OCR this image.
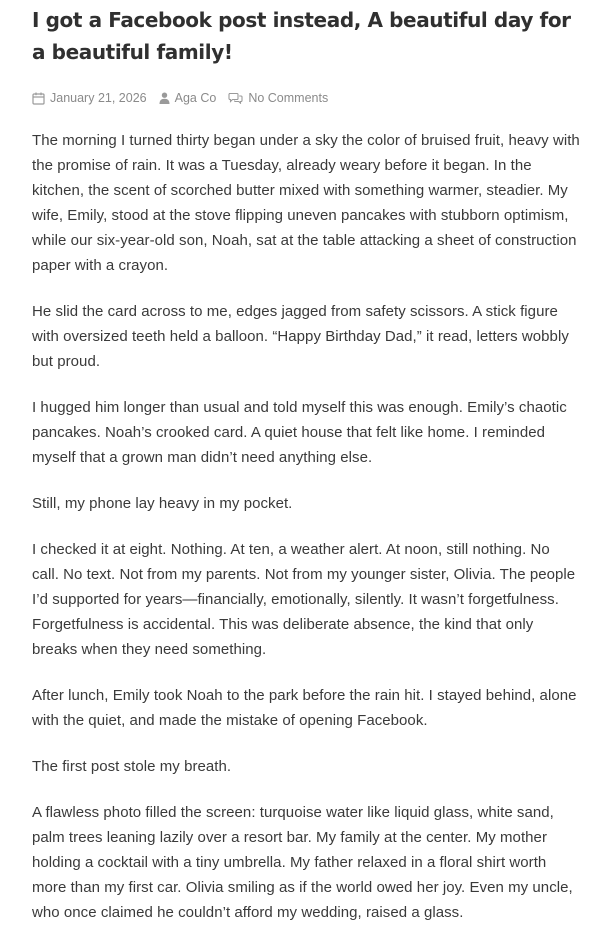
I got a Facebook post instead, A beautiful day for a beautiful family!
January 21, 2026 Aga Co	No Comments

The morning I turned thirty began under a sky the color of bruised fruit, heavy with the promise of rain. It was a Tuesday, already weary before it began. In the kitchen, the scent of scorched butter mixed with something warmer, steadier. My wife, Emily, stood at the stove flipping uneven pancakes with stubborn optimism, while our six-year-old son, Noah, sat at the table attacking a sheet of construction paper with a crayon.

He slid the card across to me, edges jagged from safety scissors. A stick figure with oversized teeth held a balloon. “Happy Birthday Dad,” it read, letters wobbly but proud.

I hugged him longer than usual and told myself this was enough. Emily’s chaotic pancakes. Noah’s crooked card. A quiet house that felt like home. I reminded myself that a grown man didn’t need anything else.

Still, my phone lay heavy in my pocket.

I checked it at eight. Nothing. At ten, a weather alert. At noon, still nothing. No call. No text. Not from my parents. Not from my younger sister, Olivia. The people I’d supported for years—financially, emotionally, silently. It wasn’t forgetfulness. Forgetfulness is accidental. This was deliberate absence, the kind that only breaks when they need something.

After lunch, Emily took Noah to the park before the rain hit. I stayed behind, alone with the quiet, and made the mistake of opening Facebook.

The first post stole my breath.

A flawless photo filled the screen: turquoise water like liquid glass, white sand, palm trees leaning lazily over a resort bar. My family at the center. My mother holding a cocktail with a tiny umbrella. My father relaxed in a floral shirt worth more than my first car. Olivia smiling as if the world owed her joy. Even my uncle, who once claimed he couldn’t afford my wedding, raised a glass.
